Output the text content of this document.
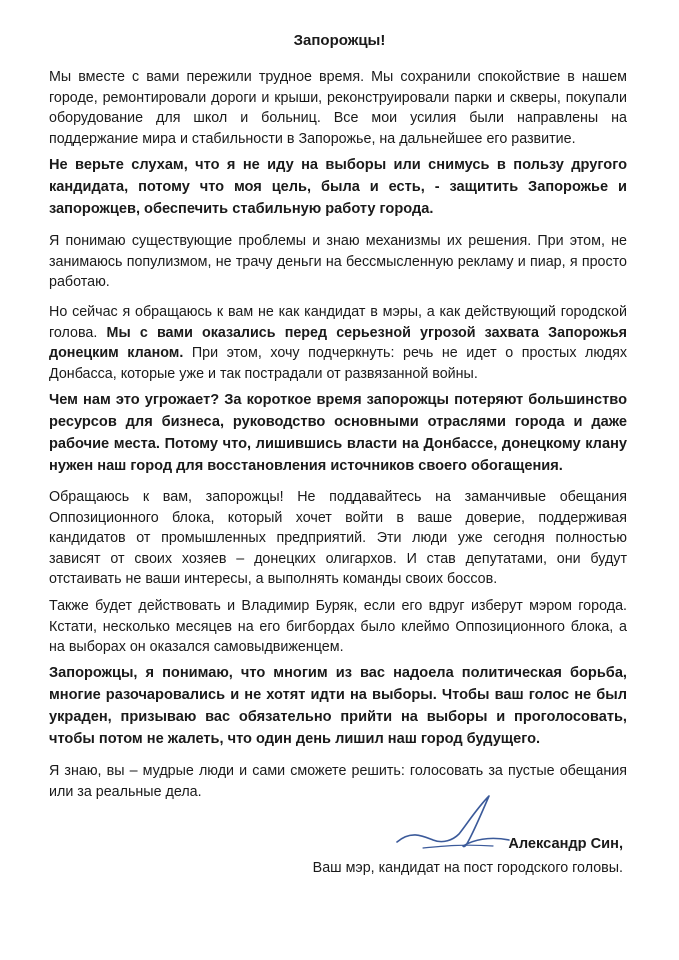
Запорожцы!

Мы вместе с вами пережили трудное время. Мы сохранили спокойствие в нашем городе, ремонтировали дороги и крыши, реконструировали парки и скверы, покупали оборудование для школ и больниц. Все мои усилия были направлены на поддержание мира и стабильности в Запорожье, на дальнейшее его развитие.

Не верьте слухам, что я не иду на выборы или снимусь в пользу другого кандидата, потому что моя цель, была и есть, - защитить Запорожье и запорожцев, обеспечить стабильную работу города.

Я понимаю существующие проблемы и знаю механизмы их решения. При этом, не занимаюсь популизмом, не трачу деньги на бессмысленную рекламу и пиар, я просто работаю.

Но сейчас я обращаюсь к вам не как кандидат в мэры, а как действующий городской голова. Мы с вами оказались перед серьезной угрозой захвата Запорожья донецким кланом. При этом, хочу подчеркнуть: речь не идет о простых людях Донбасса, которые уже и так пострадали от развязанной войны.

Чем нам это угрожает? За короткое время запорожцы потеряют большинство ресурсов для бизнеса, руководство основными отраслями города и даже рабочие места. Потому что, лишившись власти на Донбассе, донецкому клану нужен наш город для восстановления источников своего обогащения.

Обращаюсь к вам, запорожцы! Не поддавайтесь на заманчивые обещания Оппозиционного блока, который хочет войти в ваше доверие, поддерживая кандидатов от промышленных предприятий. Эти люди уже сегодня полностью зависят от своих хозяев – донецких олигархов. И став депутатами, они будут отстаивать не ваши интересы, а выполнять команды своих боссов.

Также будет действовать и Владимир Буряк, если его вдруг изберут мэром города. Кстати, несколько месяцев на его бигбордах было клеймо Оппозиционного блока, а на выборах он оказался самовыдвиженцем.

Запорожцы, я понимаю, что многим из вас надоела политическая борьба, многие разочаровались и не хотят идти на выборы. Чтобы ваш голос не был украден, призываю вас обязательно прийти на выборы и проголосовать, чтобы потом не жалеть, что один день лишил наш город будущего.

Я знаю, вы – мудрые люди и сами сможете решить: голосовать за пустые обещания или за реальные дела.

Александр Син,
Ваш мэр, кандидат на пост городского головы.
